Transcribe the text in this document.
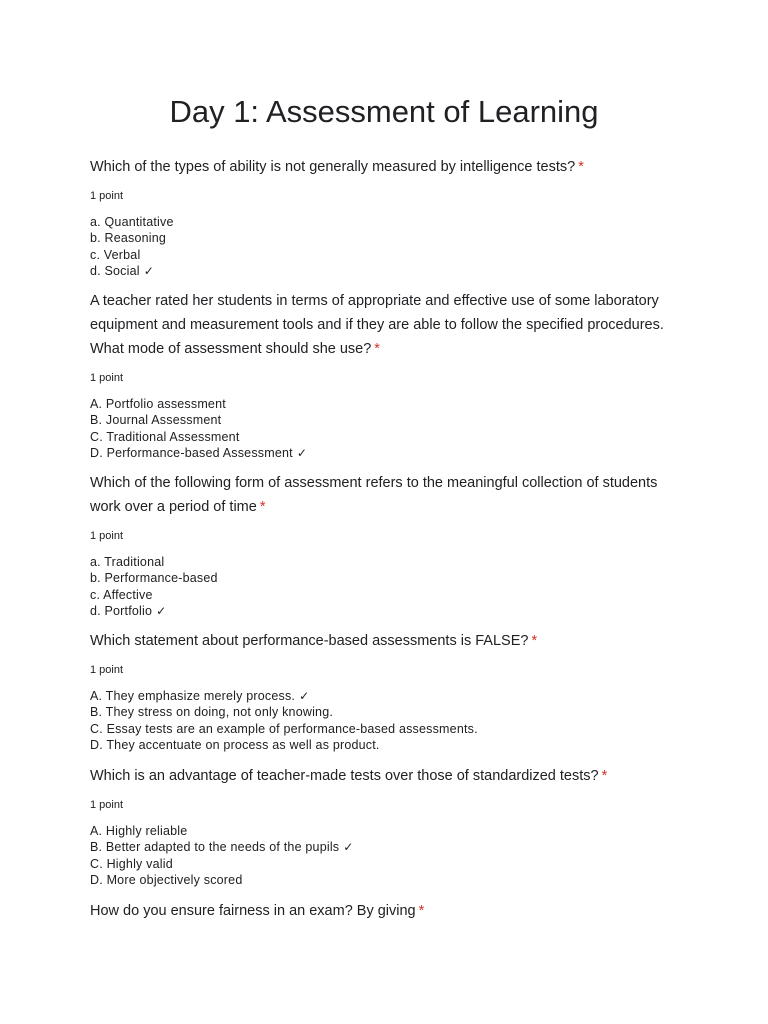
Day 1: Assessment of Learning

Which of the types of ability is not generally measured by intelligence tests? *

1 point
a. Quantitative
b. Reasoning
c. Verbal
d. Social ✓

A teacher rated her students in terms of appropriate and effective use of some laboratory equipment and measurement tools and if they are able to follow the specified procedures. What mode of assessment should she use? *

1 point
A. Portfolio assessment
B. Journal Assessment
C. Traditional Assessment
D. Performance-based Assessment ✓

Which of the following form of assessment refers to the meaningful collection of students work over a period of time *

1 point
a. Traditional
b. Performance-based
c. Affective
d. Portfolio ✓

Which statement about performance-based assessments is FALSE? *

1 point
A. They emphasize merely process. ✓
B. They stress on doing, not only knowing.
C. Essay tests are an example of performance-based assessments.
D. They accentuate on process as well as product.

Which is an advantage of teacher-made tests over those of standardized tests? *

1 point
A. Highly reliable
B. Better adapted to the needs of the pupils ✓
C. Highly valid
D. More objectively scored

How do you ensure fairness in an exam? By giving *
